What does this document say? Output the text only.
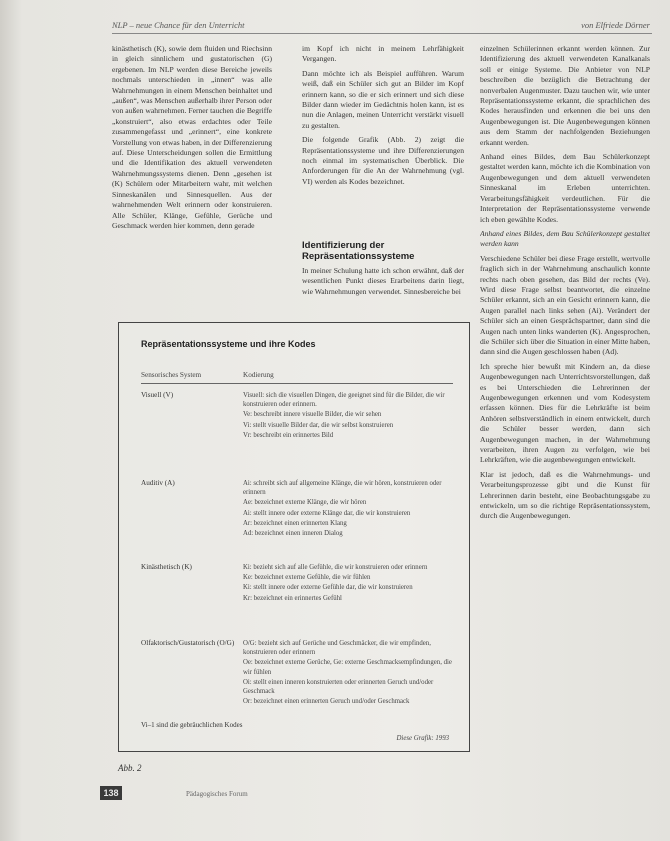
NLP – neue Chance für den Unterricht	von Elfriede Dörner

kinästhetisch (K), sowie dem fluiden und Riechsinn in gleich sinnlichem und gustatorischen (G) ergebenen. Im NLP werden diese Bereiche jeweils nochmals unterschieden in „innen“ was alle Wahrnehmungen in einem Menschen beinhaltet und „außen“, was Menschen außerhalb ihrer Person oder von außen wahrnehmen. Ferner tauchen die Begriffe „konstruiert“, also etwas erdachtes oder Teile zusammengefasst und „erinnert“, eine konkrete Vorstellung von etwas haben, in der Differenzierung auf. Diese Unterscheidungen sollen die Ermittlung und die Identifikation des aktuell verwendeten Wahrnehmungssystems dienen. Denn „gesehen ist (K) Schülern oder Mitarbeitern wahr, mit welchen Sinneskanälen und Sinnesquellen. Aus der wahrnehmenden Welt erinnern oder konstruieren. Alle Schüler, Klänge, Gefühle, Gerüche und Geschmack werden hier kommen, denn gerade

im Kopf ich nicht in meinem Lehrfähigkeit Vergangen.

Dann möchte ich als Beispiel aufführen. Warum weiß, daß ein Schüler sich gut an Bilder im Kopf erinnern kann, so die er sich erinnert und sich diese Bilder dann wieder im Gedächtnis holen kann, ist es nun die Anlagen, meinen Unterricht verstärkt visuell zu gestalten.

Die folgende Grafik (Abb. 2) zeigt die Repräsentationssysteme und ihre Differenzierungen noch einmal im systematischen Überblick. Die Anforderungen für die An der Wahrnehmung (vgl. VI) werden als Kodes bezeichnet.

Identifizierung der Repräsentationssysteme

In meiner Schulung hatte ich schon erwähnt, daß der wesentlichen Punkt dieses Erarbeitens darin liegt, wie Wahrnehmungen verwendet. Sinnesbereiche bei

einzelnen Schülerinnen erkannt werden können. Zur Identifizierung des aktuell verwendeten Kanalkanals soll er einige Systeme. Die Anbieter von NLP beschreiben die bezüglich die Betrachtung der nonverbalen Augenmuster. Dazu tauchen wir, wie unter Repräsentationssysteme erkannt, die sprachlichen des Kodes herausfinden und erkennen die bei uns den Augenbewegungen ist. Die Augenbewegungen können aus dem Stamm der nachfolgenden Beziehungen erkannt werden.

Anhand eines Bildes, dem Bau Schülerkonzept gestaltet werden kann, möchte ich die Kombination von Augenbewegungen und dem aktuell verwendeten Sinneskanal im Erleben unterrichten. Verarbeitungsfähigkeit verdeutlichen. Für die Interpretation der Repräsentationssysteme verwende ich eben gewählte Kodes.

Anhand eines Bildes, dem Bau Schülerkonzept gestaltet werden kann

Verschiedene Schüler bei diese Frage erstellt, wertvolle fraglich sich in der Wahrnehmung anschaulich konnte rechts nach oben gesehen, das Bild der rechts (Ve). Wird diese Frage selbst beantwortet, die einzelne Schüler erkannt, sich an ein Gesicht erinnern kann, die Augen parallel nach links sehen (Ai). Verändert der Schüler sich an einen Gesprächspartner, dann sind die Augen nach unten links wanderten (K). Angesprochen, die Schüler sich über die Situation in einer Mitte haben, dann sind die Augen geschlossen haben (Ad).

Ich spreche hier bewußt mit Kindern an, da diese Augenbewegungen nach Unterrichtsvorstellungen, daß es bei Unterschieden die Lehrerinnen der Augenbewegungen erkennen und vom Kodesystem erfassen können. Dies für die Lehrkräfte ist beim Anhören selbstverständlich in einem entwickelt, durch die Schüler besser werden, dann sich Augenbewegungen machen, in der Wahrnehmung verarbeiten, ihren Augen zu verfolgen, wie bei Lehrkräften, wie die augenbewegungen entwickelt.

Klar ist jedoch, daß es die Wahrnehmungs- und Verarbeitungsprozesse gibt und die Kunst für Lehrerinnen darin besteht, eine Beobachtungsgabe zu entwickeln, um so die richtige Repräsentationssystem, durch die Augenbewegungen.

Repräsentationssysteme und ihre Kodes
Sensorisches System	Kodierung
Visuell (V)	Visuell: sich die visuellen Dingen, die geeignet sind für die Bilder, die wir konstruieren oder erinnern.
Ve: beschreibt innere visuelle Bilder, die wir sehen
Vi: stellt visuelle Bilder dar, die wir selbst konstruieren
Vr: beschreibt ein erinnertes Bild
Auditiv (A)	Ai: schreibt sich auf allgemeine Klänge, die wir hören, konstruieren oder erinnern
Ae: bezeichnet externe Klänge, die wir hören
Ai: stellt innere oder externe Klänge dar, die wir konstruieren
Ar: bezeichnet einen erinnerten Klang
Ad: bezeichnet einen inneren Dialog
Kinästhetisch (K)	Ki: bezieht sich auf alle Gefühle, die wir konstruieren oder erinnern
Ke: bezeichnet externe Gefühle, die wir fühlen
Ki: stellt innere oder externe Gefühle dar, die wir konstruieren
Kr: bezeichnet ein erinnertes Gefühl
Olfaktorisch/Gustatorisch (O/G)	O/G: bezieht sich auf Gerüche und Geschmäcker, die wir empfinden, konstruieren oder erinnern
Oe: bezeichnet externe Gerüche, Ge: externe Geschmacksempfindungen, die wir fühlen
Oi: stellt einen inneren konstruierten oder erinnerten Geruch und/oder Geschmack
Or: bezeichnet einen erinnerten Geruch und/oder Geschmack
Vi–1 sind die gebräuchlichen Kodes
Diese Grafik: 1993
Abb. 2
138	Pädagogisches Forum
